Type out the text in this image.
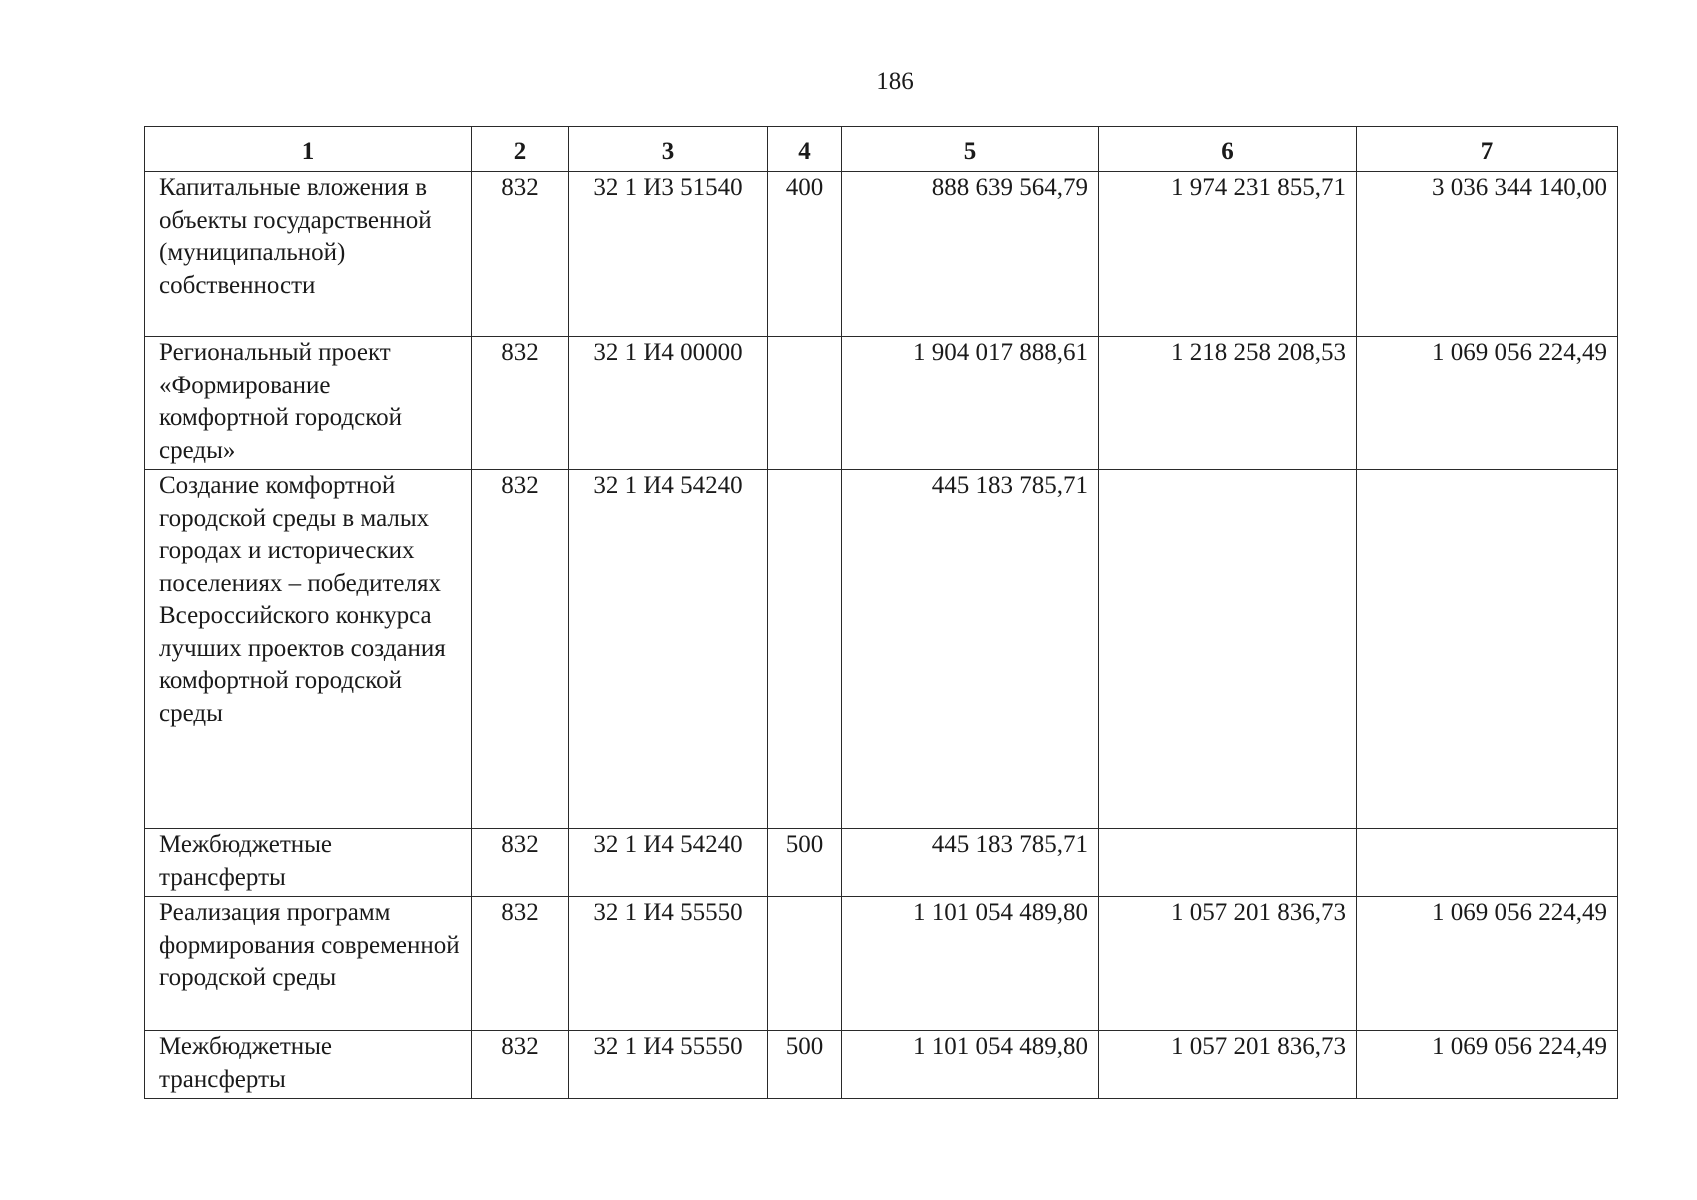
186
1	2	3	4	5	6	7
Капитальные вложения в объекты государственной (муниципальной) собственности	832	32 1 И3 51540	400	888 639 564,79	1 974 231 855,71	3 036 344 140,00
Региональный проект «Формирование комфортной городской среды»	832	32 1 И4 00000		1 904 017 888,61	1 218 258 208,53	1 069 056 224,49
Создание комфортной городской среды в малых городах и исторических поселениях – победителях Всероссийского конкурса лучших проектов создания комфортной городской среды	832	32 1 И4 54240		445 183 785,71		
Межбюджетные трансферты	832	32 1 И4 54240	500	445 183 785,71		
Реализация программ формирования современной городской среды	832	32 1 И4 55550		1 101 054 489,80	1 057 201 836,73	1 069 056 224,49
Межбюджетные трансферты	832	32 1 И4 55550	500	1 101 054 489,80	1 057 201 836,73	1 069 056 224,49
